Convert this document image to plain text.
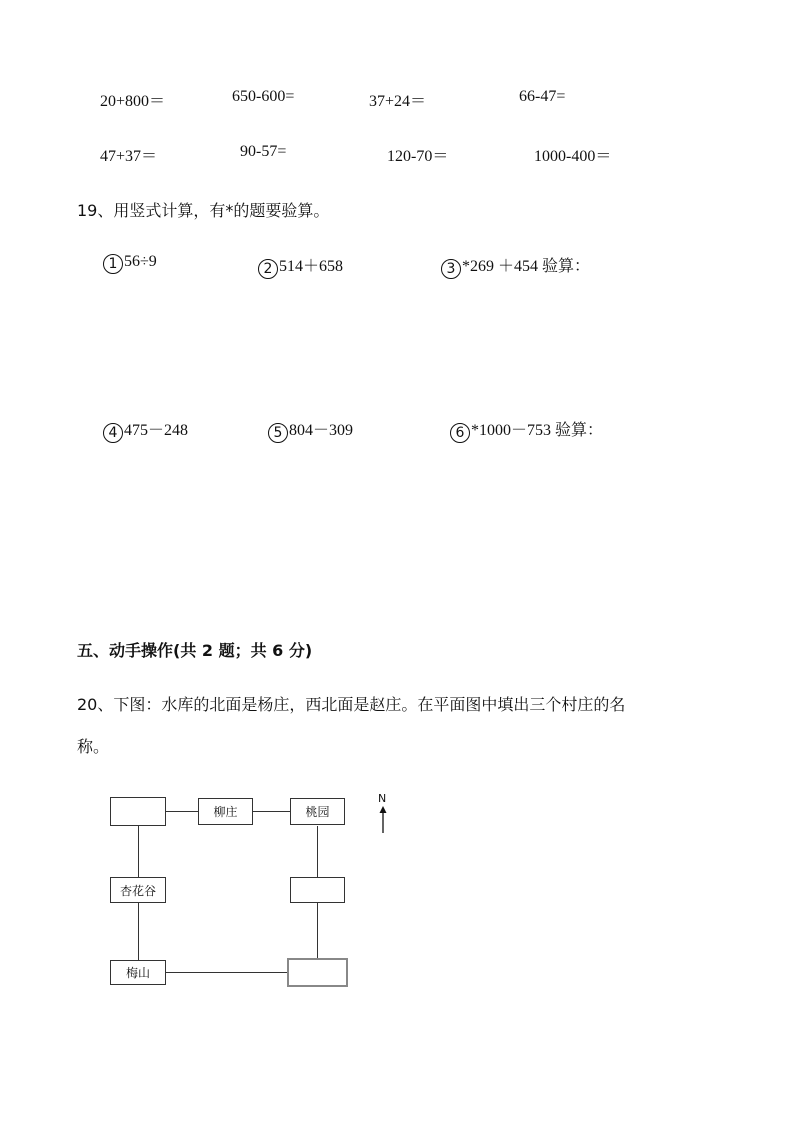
20+800＝	650-600=	37+24＝	66-47=
47+37＝	90-57=	120-70＝	1000-400＝
19、用竖式计算，有*的题要验算。
1 56÷9	2 514＋658	3 *269 ＋454 验算：
4 475－248	5 804－309	6 *1000－753 验算：
五、动手操作(共 2 题；共 6 分)
20、下图：水库的北面是杨庄，西北面是赵庄。在平面图中填出三个村庄的名
称。
柳庄	桃园
杏花谷
梅山
N
